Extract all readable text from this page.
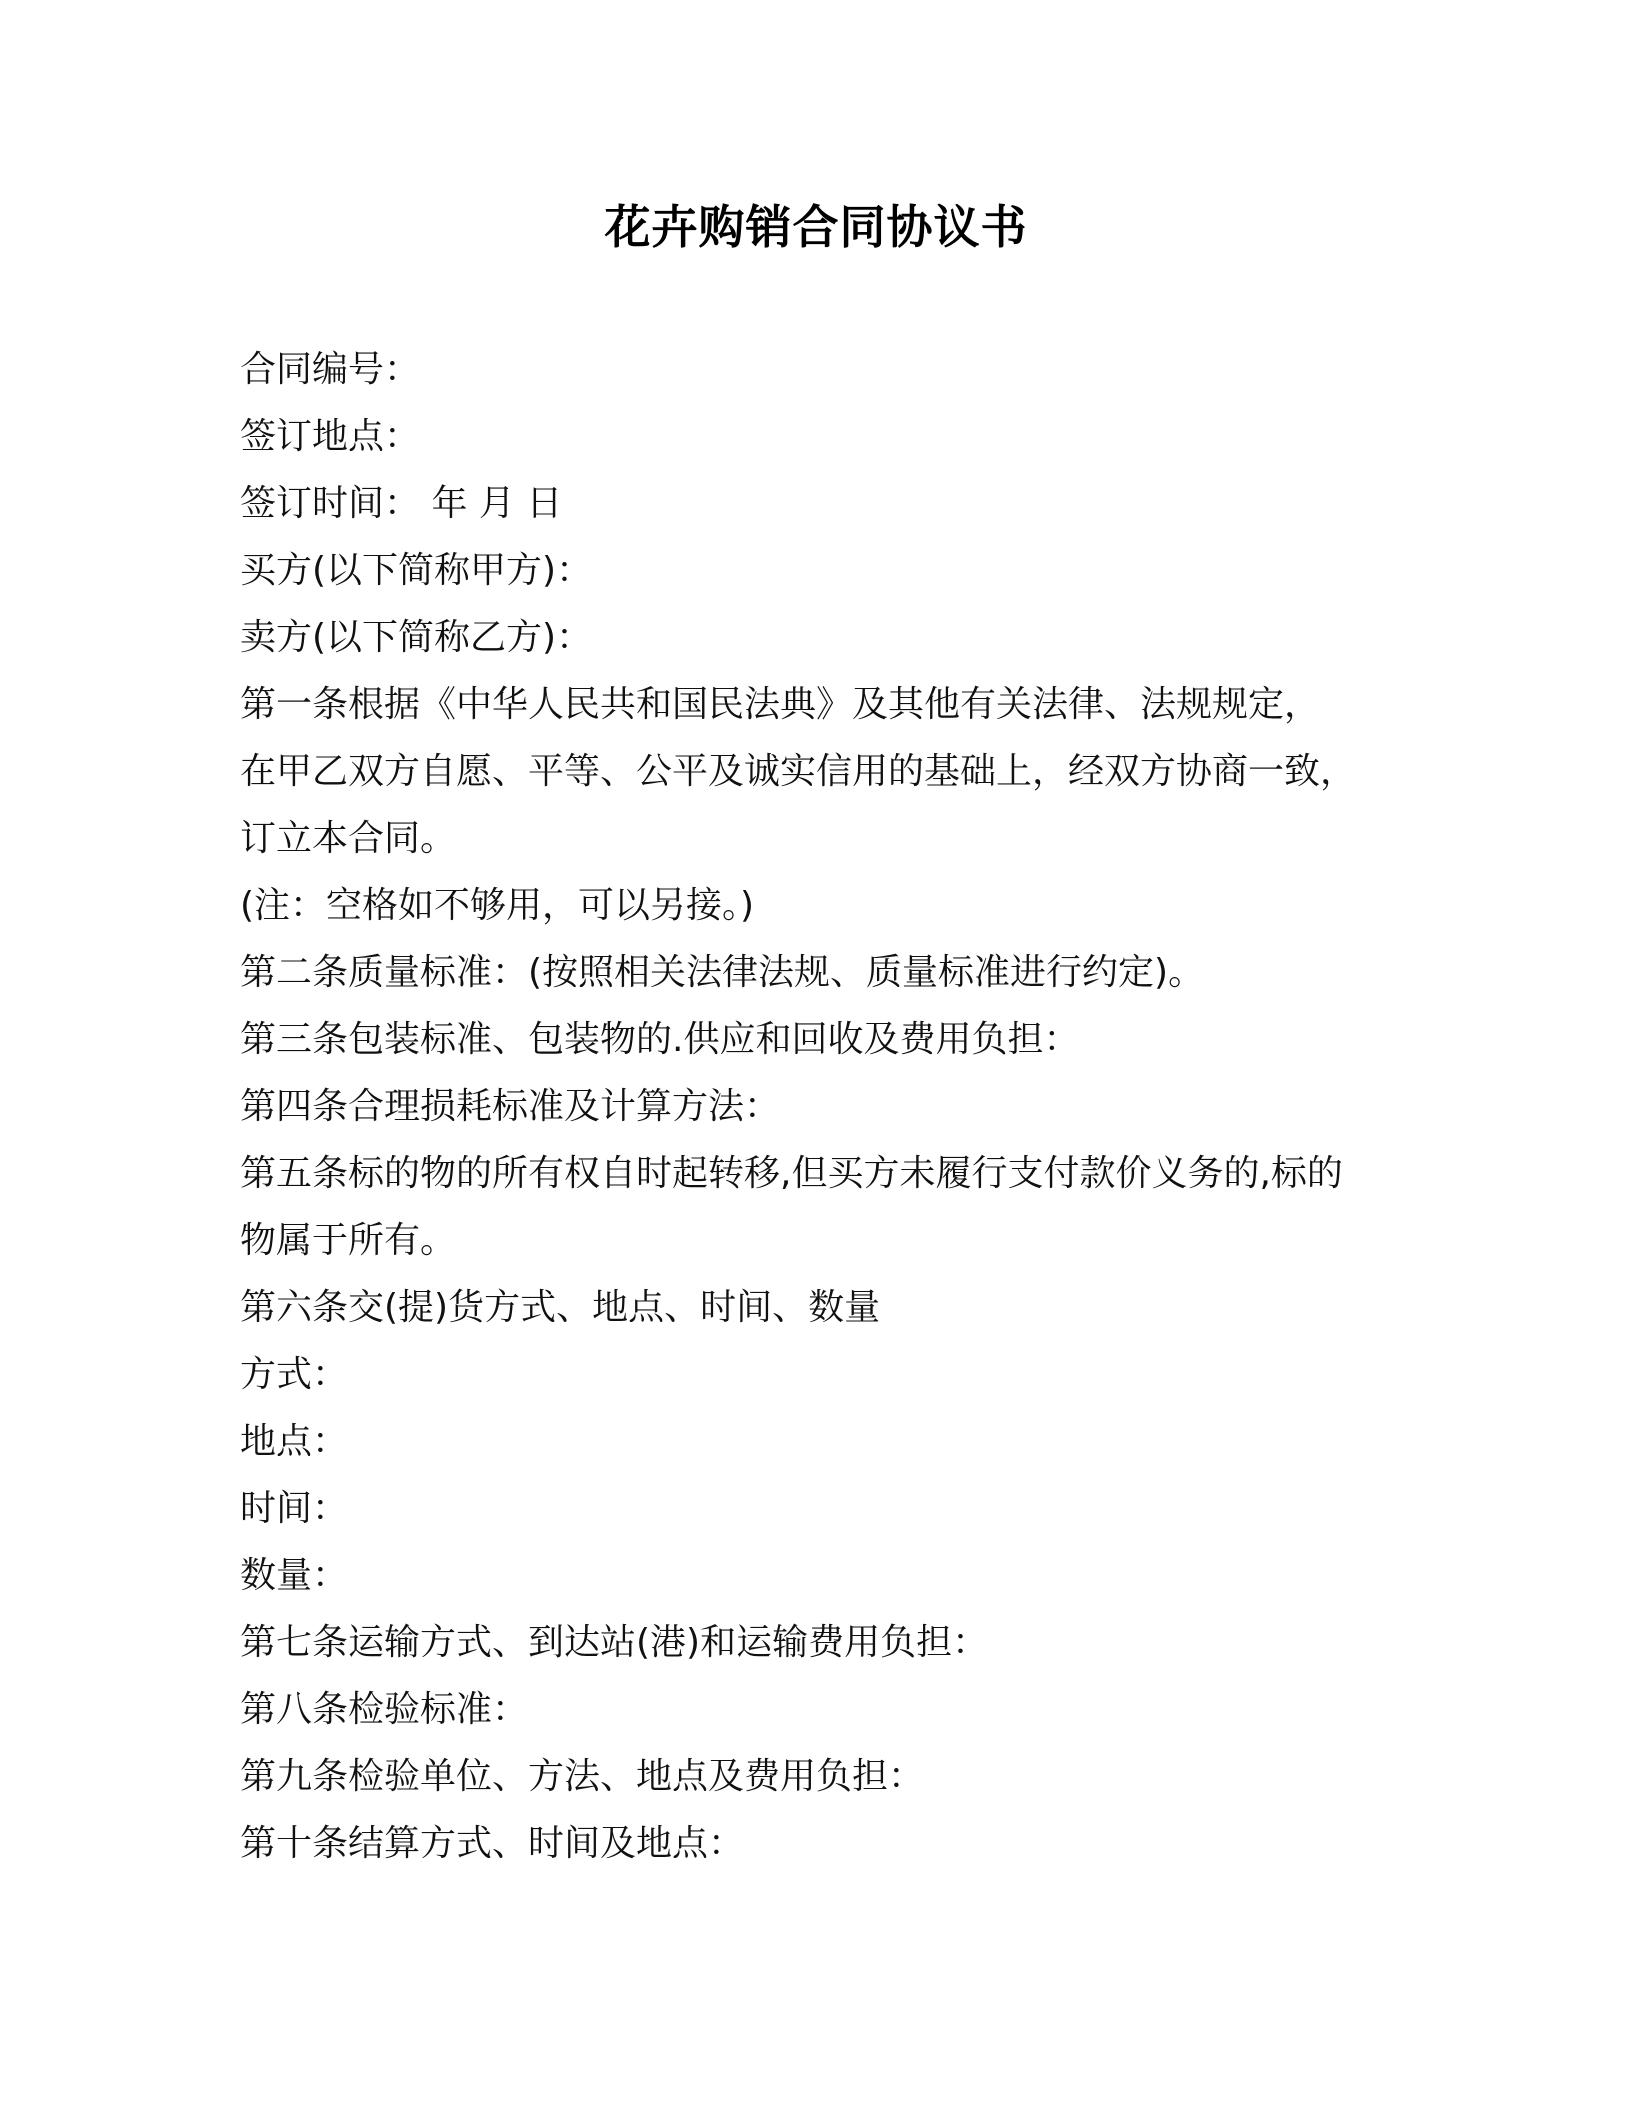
花卉购销合同协议书
合同编号：
签订地点：
签订时间： 年 月 日
买方(以下简称甲方)：
卖方(以下简称乙方)：
第一条根据《中华人民共和国民法典》及其他有关法律、法规规定，
在甲乙双方自愿、平等、公平及诚实信用的基础上，经双方协商一致，
订立本合同。
(注：空格如不够用，可以另接。)
第二条质量标准：(按照相关法律法规、质量标准进行约定)。
第三条包装标准、包装物的.供应和回收及费用负担：
第四条合理损耗标准及计算方法：
第五条标的物的所有权自时起转移,但买方未履行支付款价义务的,标的
物属于所有。
第六条交(提)货方式、地点、时间、数量
方式：
地点：
时间：
数量：
第七条运输方式、到达站(港)和运输费用负担：
第八条检验标准：
第九条检验单位、方法、地点及费用负担：
第十条结算方式、时间及地点：
